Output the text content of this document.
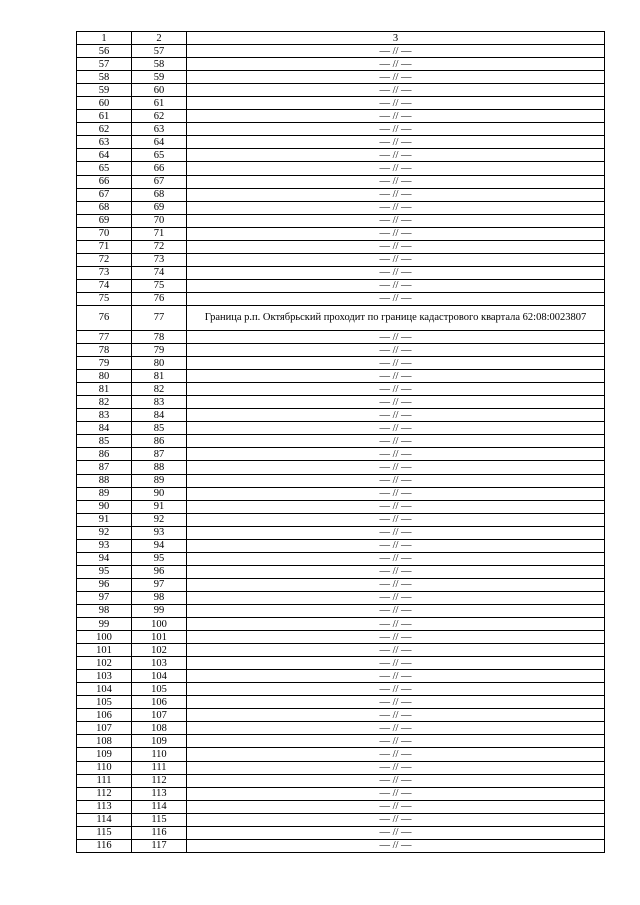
1	2	3
56	57	— // —
57	58	— // —
58	59	— // —
59	60	— // —
60	61	— // —
61	62	— // —
62	63	— // —
63	64	— // —
64	65	— // —
65	66	— // —
66	67	— // —
67	68	— // —
68	69	— // —
69	70	— // —
70	71	— // —
71	72	— // —
72	73	— // —
73	74	— // —
74	75	— // —
75	76	— // —
76	77	Граница р.п. Октябрьский проходит по границе кадастрового квартала 62:08:0023807
77	78	— // —
78	79	— // —
79	80	— // —
80	81	— // —
81	82	— // —
82	83	— // —
83	84	— // —
84	85	— // —
85	86	— // —
86	87	— // —
87	88	— // —
88	89	— // —
89	90	— // —
90	91	— // —
91	92	— // —
92	93	— // —
93	94	— // —
94	95	— // —
95	96	— // —
96	97	— // —
97	98	— // —
98	99	— // —
99	100	— // —
100	101	— // —
101	102	— // —
102	103	— // —
103	104	— // —
104	105	— // —
105	106	— // —
106	107	— // —
107	108	— // —
108	109	— // —
109	110	— // —
110	111	— // —
111	112	— // —
112	113	— // —
113	114	— // —
114	115	— // —
115	116	— // —
116	117	— // —
